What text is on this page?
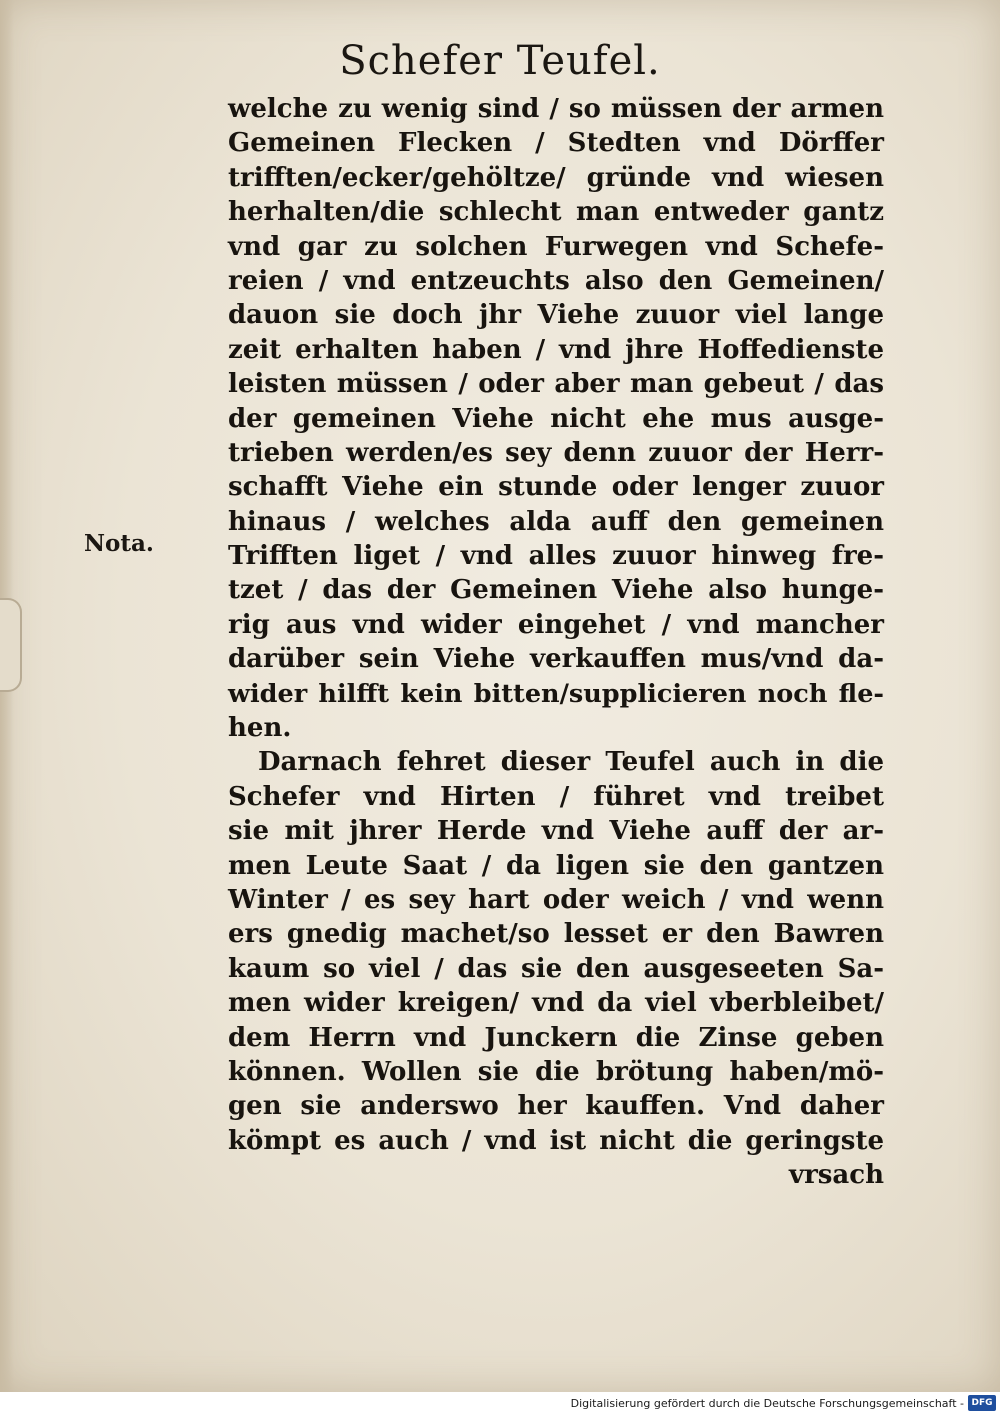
Schefer Teufel.
Nota.
welche zu wenig sind / so müssen der armen
Gemeinen Flecken / Stedten vnd Dörffer
trifften/ecker/gehöltze/ gründe vnd wiesen
herhalten/die schlecht man entweder gantz
vnd gar zu solchen Furwegen vnd Schefe-
reien / vnd entzeuchts also den Gemeinen/
dauon sie doch jhr Viehe zuuor viel lange
zeit erhalten haben / vnd jhre Hoffedienste
leisten müssen / oder aber man gebeut / das
der gemeinen Viehe nicht ehe mus ausge-
trieben werden/es sey denn zuuor der Herr-
schafft Viehe ein stunde oder lenger zuuor
hinaus / welches alda auff den gemeinen
Trifften liget / vnd alles zuuor hinweg fre-
tzet / das der Gemeinen Viehe also hunge-
rig aus vnd wider eingehet / vnd mancher
darüber sein Viehe verkauffen mus/vnd da-
wider hilfft kein bitten/supplicieren noch fle-
hen.
Darnach fehret dieser Teufel auch in die
Schefer vnd Hirten / führet vnd treibet
sie mit jhrer Herde vnd Viehe auff der ar-
men Leute Saat / da ligen sie den gantzen
Winter / es sey hart oder weich / vnd wenn
ers gnedig machet/so lesset er den Bawren
kaum so viel / das sie den ausgeseeten Sa-
men wider kreigen/ vnd da viel vberbleibet/
dem Herrn vnd Junckern die Zinse geben
können. Wollen sie die brötung haben/mö-
gen sie anderswo her kauffen. Vnd daher
kömpt es auch / vnd ist nicht die geringste
vrsach
Digitalisierung gefördert durch die Deutsche Forschungsgemeinschaft - DFG
